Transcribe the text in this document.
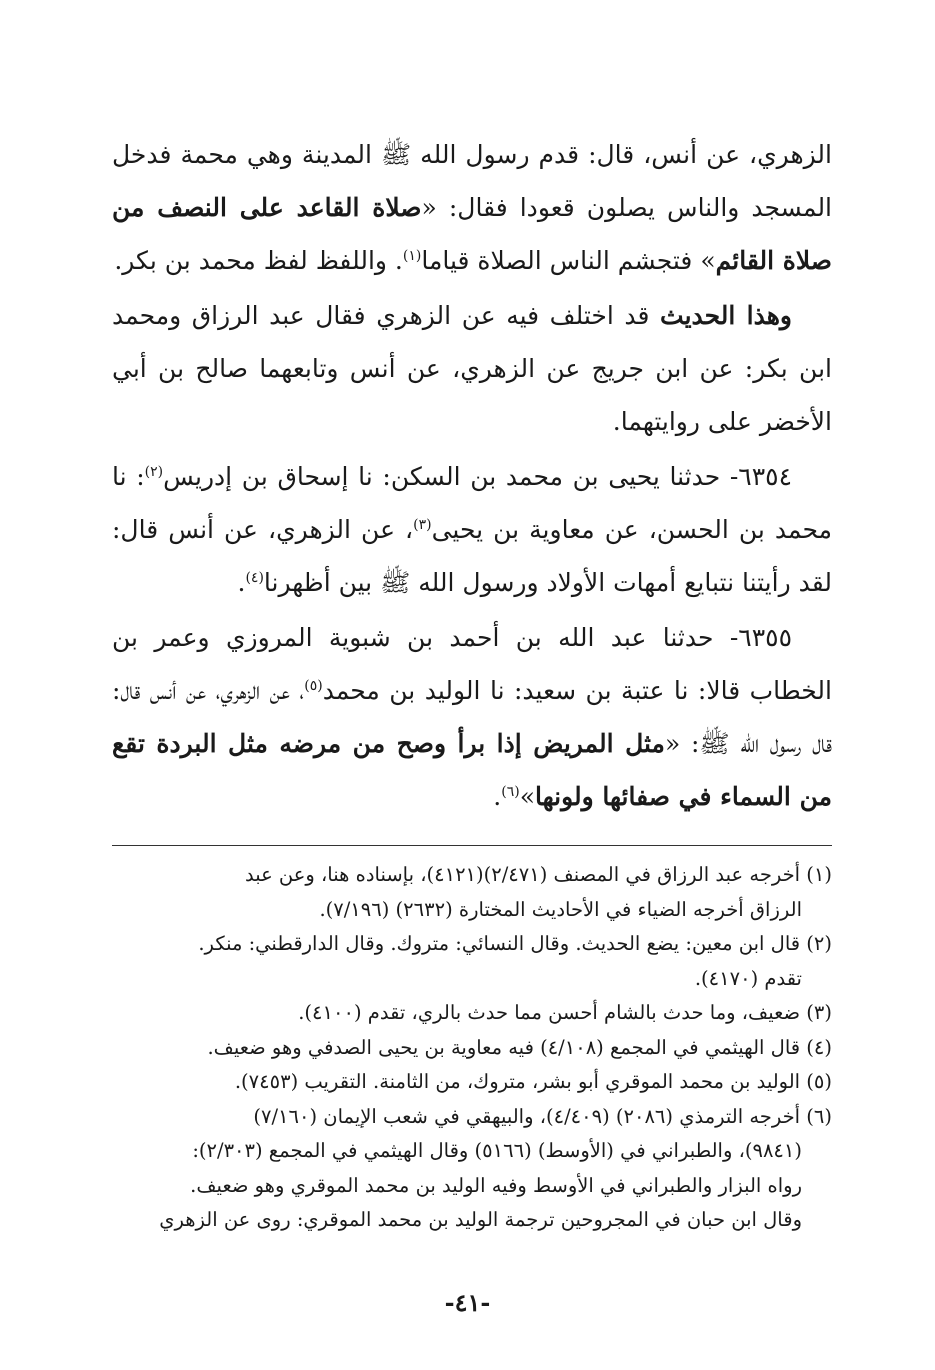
الزهري، عن أنس، قال: قدم رسول الله ﷺ المدينة وهي محمة فدخل المسجد والناس يصلون قعودا فقال: «صلاة القاعد على النصف من صلاة القائم» فتجشم الناس الصلاة قياما$^{(١)}$. واللفظ لفظ محمد بن بكر.

وهذا الحديث قد اختلف فيه عن الزهري فقال عبد الرزاق ومحمد ابن بكر: عن ابن جريج عن الزهري، عن أنس وتابعهما صالح بن أبي الأخضر على روايتهما.

٦٣٥٤- حدثنا يحيى بن محمد بن السكن: نا إسحاق بن إدريس$^{(٢)}$: نا محمد بن الحسن، عن معاوية بن يحيى$^{(٣)}$، عن الزهري، عن أنس قال: لقد رأيتنا نتبايع أمهات الأولاد ورسول الله ﷺ بين أظهرنا$^{(٤)}$.

٦٣٥٥- حدثنا عبد الله بن أحمد بن شبوية المروزي وعمر بن الخطاب قالا: نا عتبة بن سعيد: نا الوليد بن محمد$^{(٥)}$، عن الزهري، عن أنس قال: قال رسول الله ﷺ: «مثل المريض إذا برأ وصح من مرضه مثل البردة تقع من السماء في صفائها ولونها»$^{(٦)}$.

(١) أخرجه عبد الرزاق في المصنف (٢/٤٧١)(٤١٢١)، بإسناده هنا، وعن عبد

الرزاق أخرجه الضياء في الأحاديث المختارة (٢٦٣٢) (٧/١٩٦).

(٢) قال ابن معين: يضع الحديث. وقال النسائي: متروك. وقال الدارقطني: منكر.

تقدم (٤١٧٠).

(٣) ضعيف، وما حدث بالشام أحسن مما حدث بالري، تقدم (٤١٠٠).

(٤) قال الهيثمي في المجمع (٤/١٠٨) فيه معاوية بن يحيى الصدفي وهو ضعيف.

(٥) الوليد بن محمد الموقري أبو بشر، متروك، من الثامنة. التقريب (٧٤٥٣).

(٦) أخرجه الترمذي (٢٠٨٦) (٤/٤٠٩)، والبيهقي في شعب الإيمان (٧/١٦٠)

(٩٨٤١)، والطبراني في (الأوسط) (٥١٦٦) وقال الهيثمي في المجمع (٢/٣٠٣):

رواه البزار والطبراني في الأوسط وفيه الوليد بن محمد الموقري وهو ضعيف.

وقال ابن حبان في المجروحين ترجمة الوليد بن محمد الموقري: روى عن الزهري

-٤١-
